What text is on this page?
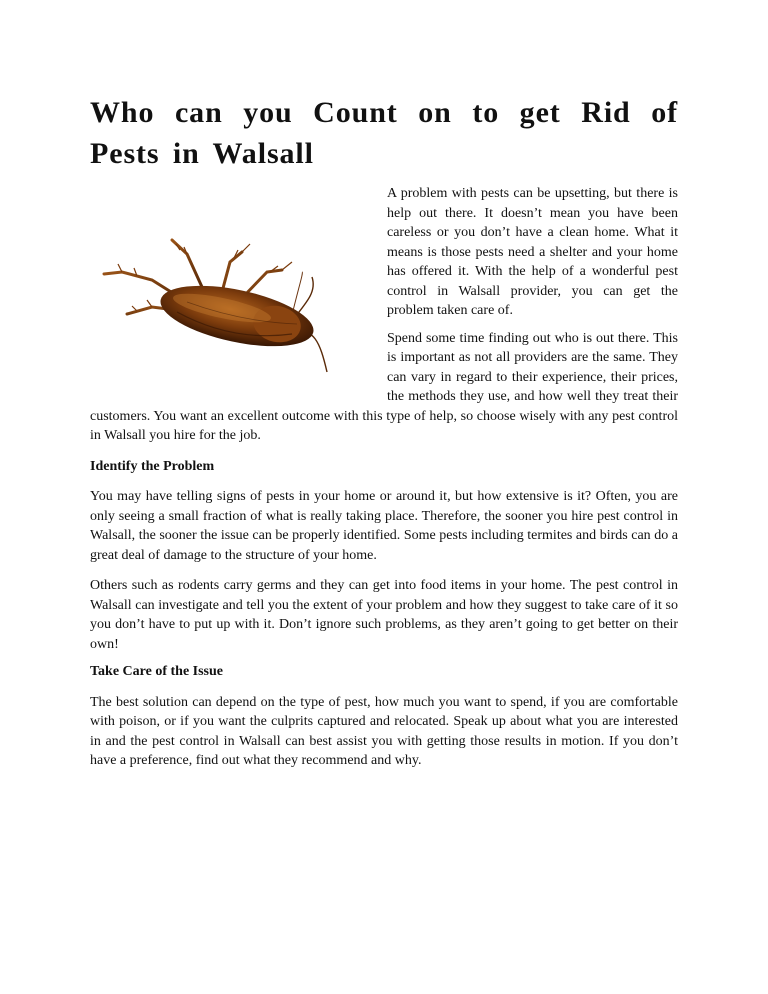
Who can you Count on to get Rid of Pests in Walsall

A problem with pests can be upsetting, but there is help out there. It doesn’t mean you have been careless or you don’t have a clean home. What it means is those pests need a shelter and your home has offered it. With the help of a wonderful pest control in Walsall provider, you can get the problem taken care of.

Spend some time finding out who is out there. This is important as not all providers are the same. They can vary in regard to their experience, their prices, the methods they use, and how well they treat their customers. You want an excellent outcome with this type of help, so choose wisely with any pest control in Walsall you hire for the job.

Identify the Problem

You may have telling signs of pests in your home or around it, but how extensive is it? Often, you are only seeing a small fraction of what is really taking place. Therefore, the sooner you hire pest control in Walsall, the sooner the issue can be properly identified. Some pests including termites and birds can do a great deal of damage to the structure of your home.

Others such as rodents carry germs and they can get into food items in your home. The pest control in Walsall can investigate and tell you the extent of your problem and how they suggest to take care of it so you don’t have to put up with it. Don’t ignore such problems, as they aren’t going to get better on their own!

Take Care of the Issue

The best solution can depend on the type of pest, how much you want to spend, if you are comfortable with poison, or if you want the culprits captured and relocated. Speak up about what you are interested in and the pest control in Walsall can best assist you with getting those results in motion. If you don’t have a preference, find out what they recommend and why.
